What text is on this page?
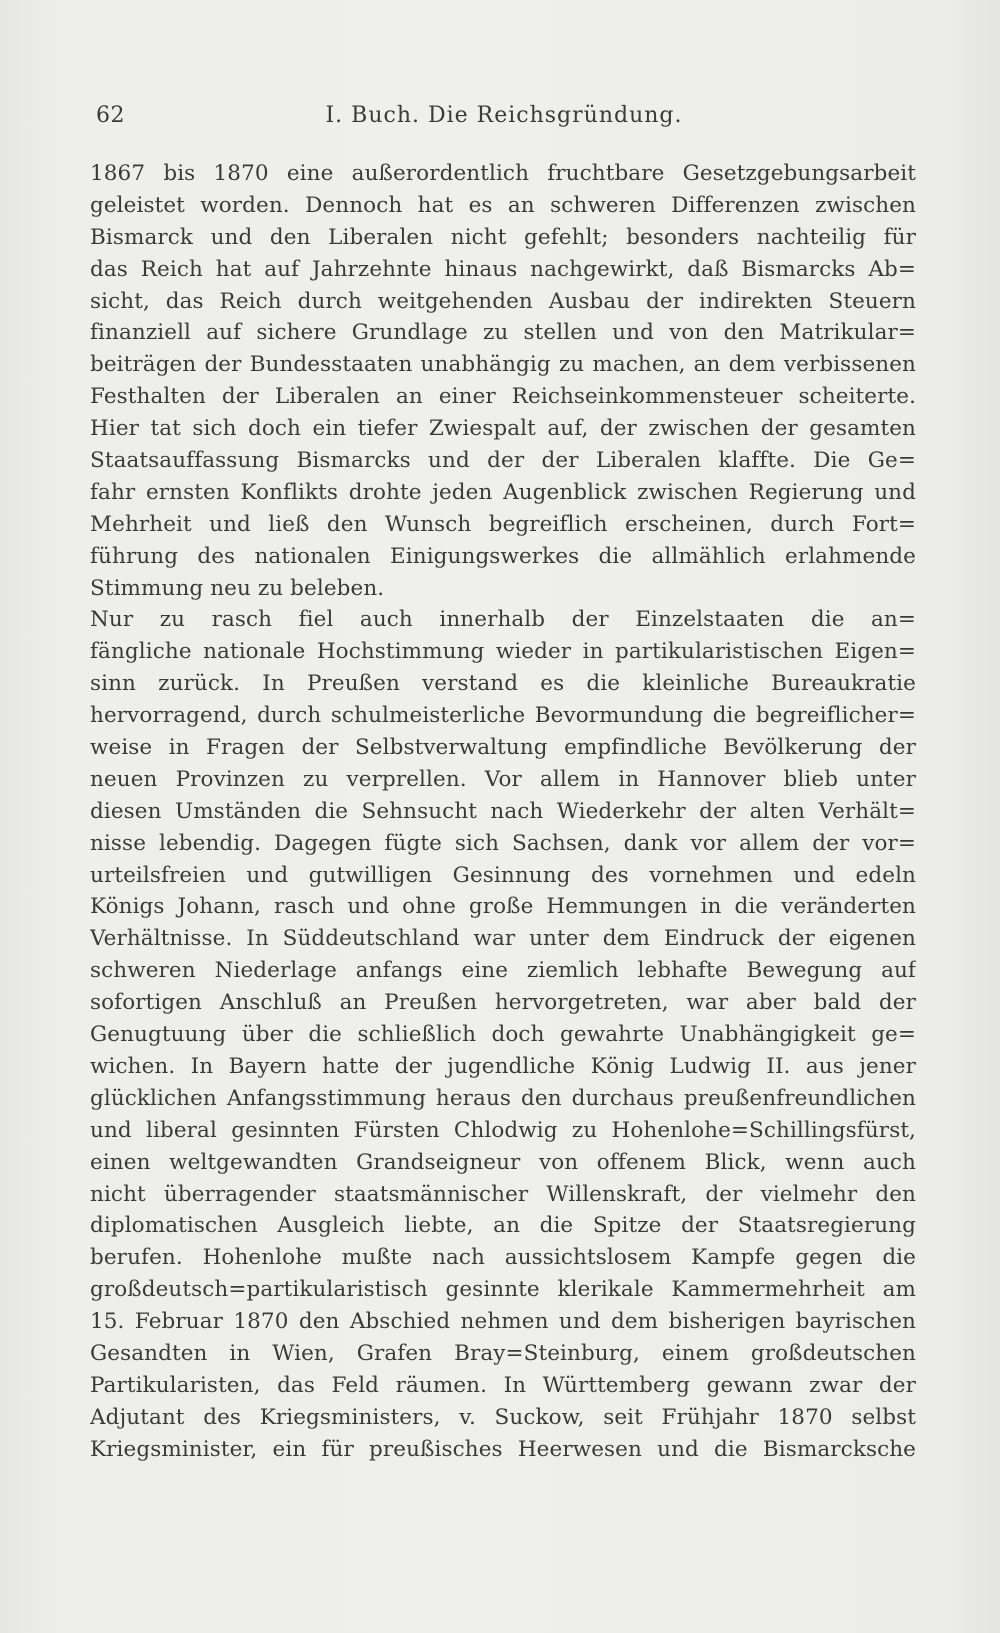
62	I. Buch. Die Reichsgründung.
1867 bis 1870 eine außerordentlich fruchtbare Gesetzgebungsarbeit
geleistet worden. Dennoch hat es an schweren Differenzen zwischen
Bismarck und den Liberalen nicht gefehlt; besonders nachteilig für
das Reich hat auf Jahrzehnte hinaus nachgewirkt, daß Bismarcks Ab=
sicht, das Reich durch weitgehenden Ausbau der indirekten Steuern
finanziell auf sichere Grundlage zu stellen und von den Matrikular=
beiträgen der Bundesstaaten unabhängig zu machen, an dem verbissenen
Festhalten der Liberalen an einer Reichseinkommensteuer scheiterte.
Hier tat sich doch ein tiefer Zwiespalt auf, der zwischen der gesamten
Staatsauffassung Bismarcks und der der Liberalen klaffte. Die Ge=
fahr ernsten Konflikts drohte jeden Augenblick zwischen Regierung und
Mehrheit und ließ den Wunsch begreiflich erscheinen, durch Fort=
führung des nationalen Einigungswerkes die allmählich erlahmende
Stimmung neu zu beleben.
Nur zu rasch fiel auch innerhalb der Einzelstaaten die an=
fängliche nationale Hochstimmung wieder in partikularistischen Eigen=
sinn zurück. In Preußen verstand es die kleinliche Bureaukratie
hervorragend, durch schulmeisterliche Bevormundung die begreiflicher=
weise in Fragen der Selbstverwaltung empfindliche Bevölkerung der
neuen Provinzen zu verprellen. Vor allem in Hannover blieb unter
diesen Umständen die Sehnsucht nach Wiederkehr der alten Verhält=
nisse lebendig. Dagegen fügte sich Sachsen, dank vor allem der vor=
urteilsfreien und gutwilligen Gesinnung des vornehmen und edeln
Königs Johann, rasch und ohne große Hemmungen in die veränderten
Verhältnisse. In Süddeutschland war unter dem Eindruck der eigenen
schweren Niederlage anfangs eine ziemlich lebhafte Bewegung auf
sofortigen Anschluß an Preußen hervorgetreten, war aber bald der
Genugtuung über die schließlich doch gewahrte Unabhängigkeit ge=
wichen. In Bayern hatte der jugendliche König Ludwig II. aus jener
glücklichen Anfangsstimmung heraus den durchaus preußenfreundlichen
und liberal gesinnten Fürsten Chlodwig zu Hohenlohe=Schillingsfürst,
einen weltgewandten Grandseigneur von offenem Blick, wenn auch
nicht überragender staatsmännischer Willenskraft, der vielmehr den
diplomatischen Ausgleich liebte, an die Spitze der Staatsregierung
berufen. Hohenlohe mußte nach aussichtslosem Kampfe gegen die
großdeutsch=partikularistisch gesinnte klerikale Kammermehrheit am
15. Februar 1870 den Abschied nehmen und dem bisherigen bayrischen
Gesandten in Wien, Grafen Bray=Steinburg, einem großdeutschen
Partikularisten, das Feld räumen. In Württemberg gewann zwar der
Adjutant des Kriegsministers, v. Suckow, seit Frühjahr 1870 selbst
Kriegsminister, ein für preußisches Heerwesen und die Bismarcksche
